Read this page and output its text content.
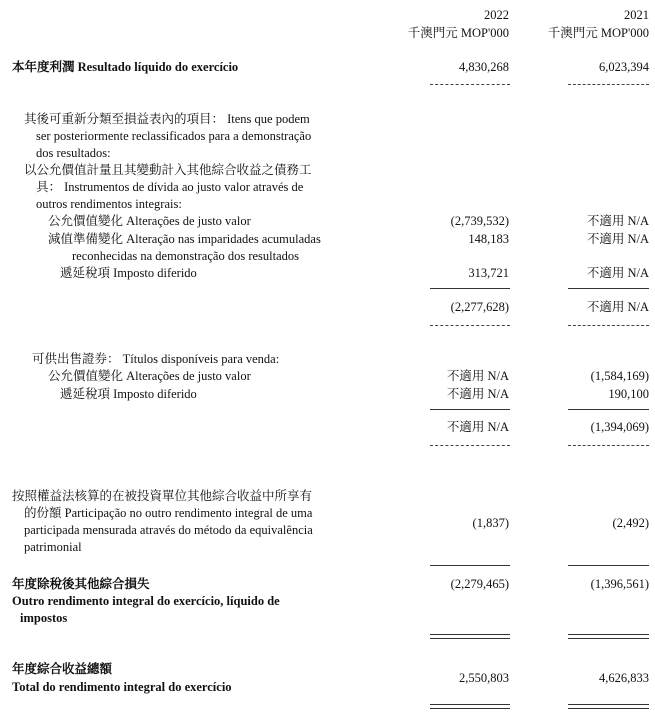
2022	2021
千澳門元 MOP'000	千澳門元 MOP'000
本年度利潤 Resultado líquido do exercício	4,830,268	6,023,394
其後可重新分類至損益表內的項目： Itens que podem
ser posteriormente reclassificados para a demonstração
dos resultados:
以公允價值計量且其變動計入其他綜合收益之債務工
具： Instrumentos de dívida ao justo valor através de
outros rendimentos integrais:
公允價值變化 Alterações de justo valor	(2,739,532)	不適用 N/A
減值準備變化 Alteração nas imparidades acumuladas
reconhecidas na demonstração dos resultados
148,183	不適用 N/A
遞延稅項 Imposto diferido	313,721	不適用 N/A
(2,277,628)	不適用 N/A
可供出售證券： Títulos disponíveis para venda:
公允價值變化 Alterações de justo valor	不適用 N/A	(1,584,169)
遞延稅項 Imposto diferido	不適用 N/A	190,100
不適用 N/A	(1,394,069)
按照權益法核算的在被投資單位其他綜合收益中所享有
的份額 Participação no outro rendimento integral de uma
participada mensurada através do método da equivalência
patrimonial
(1,837)	(2,492)
年度除稅後其他綜合損失
Outro rendimento integral do exercício, líquido de
impostos
(2,279,465)	(1,396,561)
年度綜合收益總額
Total do rendimento integral do exercício
2,550,803	4,626,833
